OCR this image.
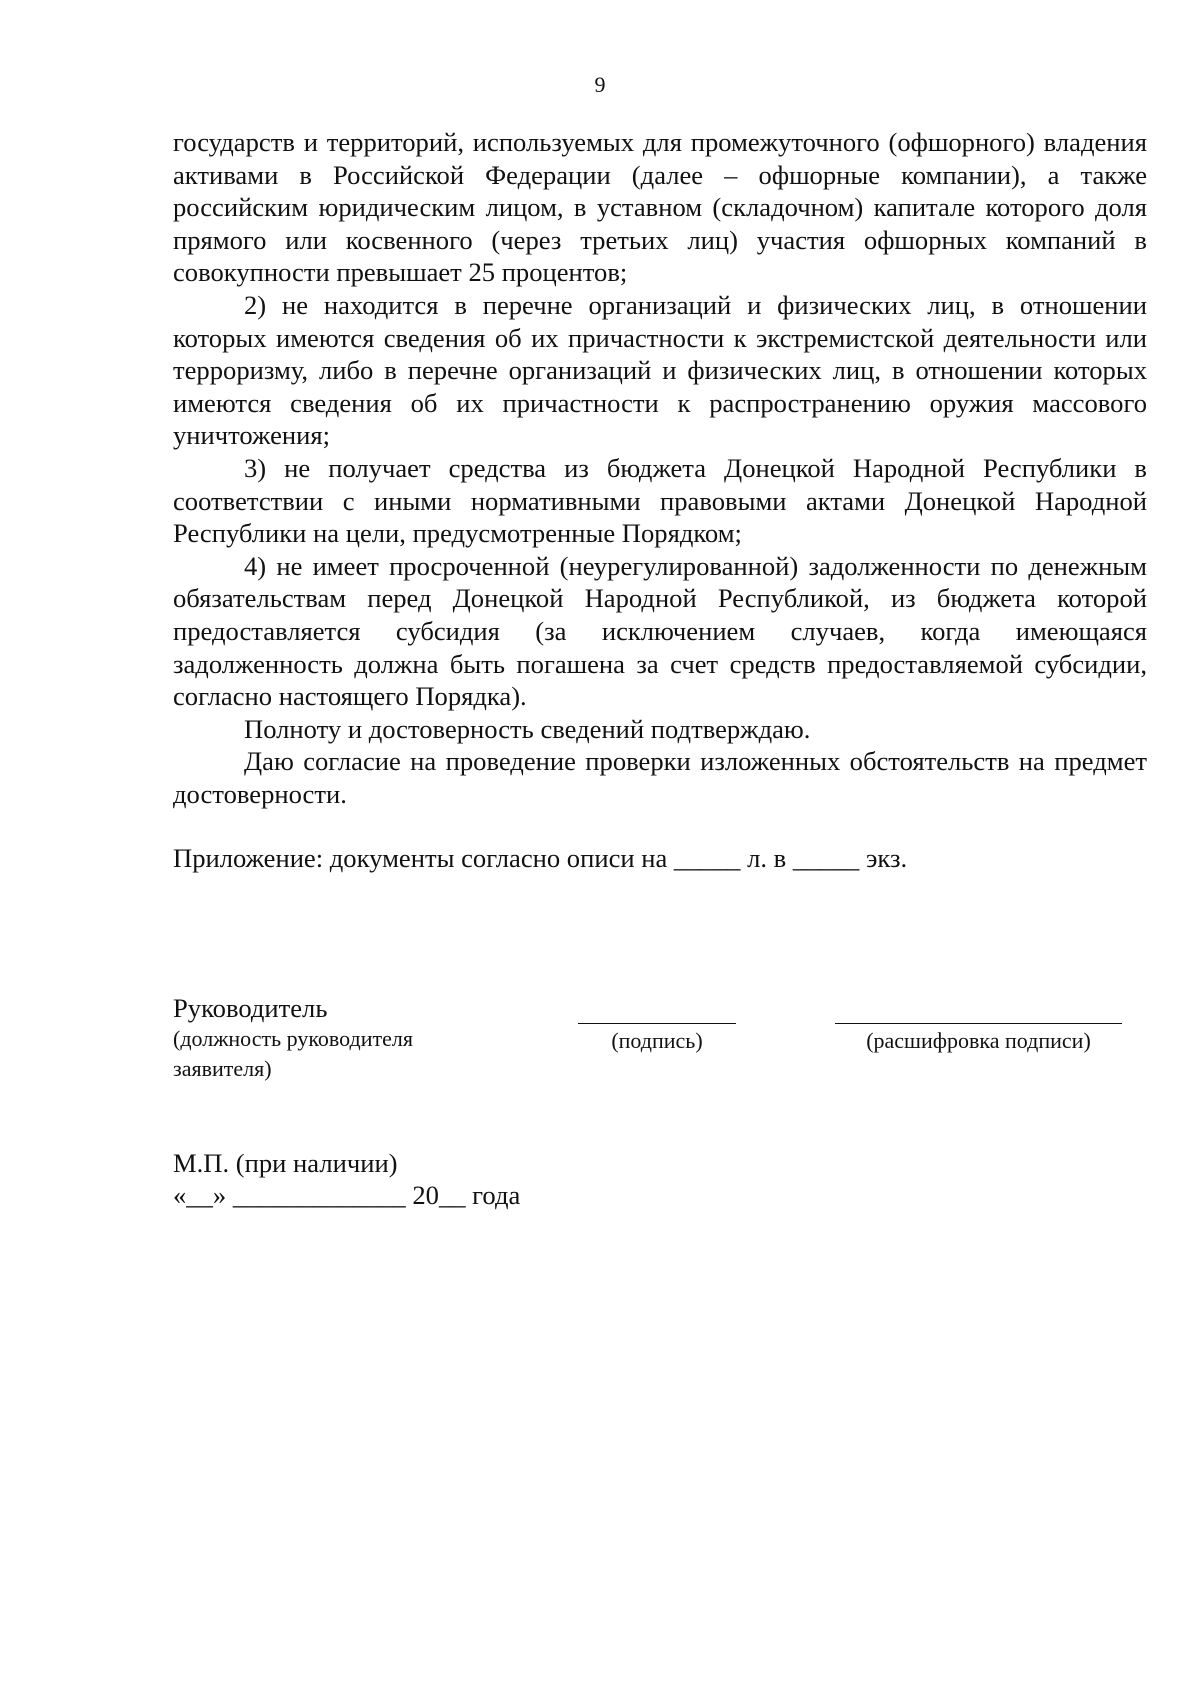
9

государств и территорий, используемых для промежуточного (офшорного) владения активами в Российской Федерации (далее – офшорные компании), а также российским юридическим лицом, в уставном (складочном) капитале которого доля прямого или косвенного (через третьих лиц) участия офшорных компаний в совокупности превышает 25 процентов;

2) не находится в перечне организаций и физических лиц, в отношении которых имеются сведения об их причастности к экстремистской деятельности или терроризму, либо в перечне организаций и физических лиц, в отношении которых имеются сведения об их причастности к распространению оружия массового уничтожения;

3) не получает средства из бюджета Донецкой Народной Республики в соответствии с иными нормативными правовыми актами Донецкой Народной Республики на цели, предусмотренные Порядком;

4) не имеет просроченной (неурегулированной) задолженности по денежным обязательствам перед Донецкой Народной Республикой, из бюджета которой предоставляется субсидия (за исключением случаев, когда имеющаяся задолженность должна быть погашена за счет средств предоставляемой субсидии, согласно настоящего Порядка).

Полноту и достоверность сведений подтверждаю.

Даю согласие на проведение проверки изложенных обстоятельств на предмет достоверности.

Приложение: документы согласно описи на _____ л. в _____ экз.
Руководитель
(должность руководителя заявителя)
(подпись)	(расшифровка подписи)
М.П. (при наличии)
«__» _____________ 20__ года
